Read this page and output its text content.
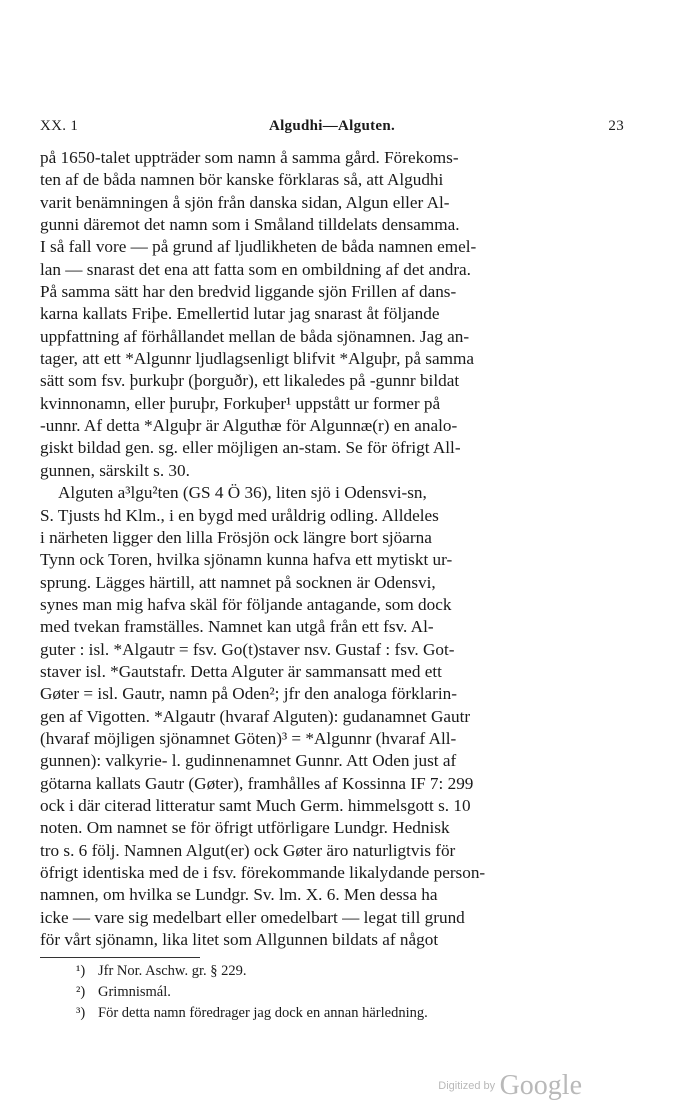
XX. 1	Algudhi—Alguten.	23
på 1650-talet uppträder som namn å samma gård. Förekoms-
ten af de båda namnen bör kanske förklaras så, att Algudhi
varit benämningen å sjön från danska sidan, Algun eller Al-
gunni däremot det namn som i Småland tilldelats densamma.
I så fall vore — på grund af ljudlikheten de båda namnen emel-
lan — snarast det ena att fatta som en ombildning af det andra.
På samma sätt har den bredvid liggande sjön Frillen af dans-
karna kallats Friþe. Emellertid lutar jag snarast åt följande
uppfattning af förhållandet mellan de båda sjönamnen. Jag an-
tager, att ett *Algunnr ljudlagsenligt blifvit *Alguþr, på samma
sätt som fsv. þurkuþr (þorguðr), ett likaledes på -gunnr bildat
kvinnonamn, eller þuruþr, Forkuþer¹ uppstått ur former på
-unnr. Af detta *Alguþr är Alguthæ för Algunnæ(r) en analo-
giskt bildad gen. sg. eller möjligen an-stam. Se för öfrigt All-
gunnen, särskilt s. 30.
Alguten a³lgu²ten (GS 4 Ö 36), liten sjö i Odensvi-sn,
S. Tjusts hd Klm., i en bygd med uråldrig odling. Alldeles
i närheten ligger den lilla Frösjön ock längre bort sjöarna
Tynn ock Toren, hvilka sjönamn kunna hafva ett mytiskt ur-
sprung. Lägges härtill, att namnet på socknen är Odensvi,
synes man mig hafva skäl för följande antagande, som dock
med tvekan framställes. Namnet kan utgå från ett fsv. Al-
guter : isl. *Algautr = fsv. Go(t)staver nsv. Gustaf : fsv. Got-
staver isl. *Gautstafr. Detta Alguter är sammansatt med ett
Gøter = isl. Gautr, namn på Oden²; jfr den analoga förklarin-
gen af Vigotten. *Algautr (hvaraf Alguten): gudanamnet Gautr
(hvaraf möjligen sjönamnet Göten)³ = *Algunnr (hvaraf All-
gunnen): valkyrie- l. gudinnenamnet Gunnr. Att Oden just af
götarna kallats Gautr (Gøter), framhålles af Kossinna IF 7: 299
ock i där citerad litteratur samt Much Germ. himmelsgott s. 10
noten. Om namnet se för öfrigt utförligare Lundgr. Hednisk
tro s. 6 följ. Namnen Algut(er) ock Gøter äro naturligtvis för
öfrigt identiska med de i fsv. förekommande likalydande person-
namnen, om hvilka se Lundgr. Sv. lm. X. 6. Men dessa ha
icke — vare sig medelbart eller omedelbart — legat till grund
för vårt sjönamn, lika litet som Allgunnen bildats af något
¹) Jfr Nor. Aschw. gr. § 229.
²) Grimnismál.
³) För detta namn föredrager jag dock en annan härledning.
Digitized by Google
